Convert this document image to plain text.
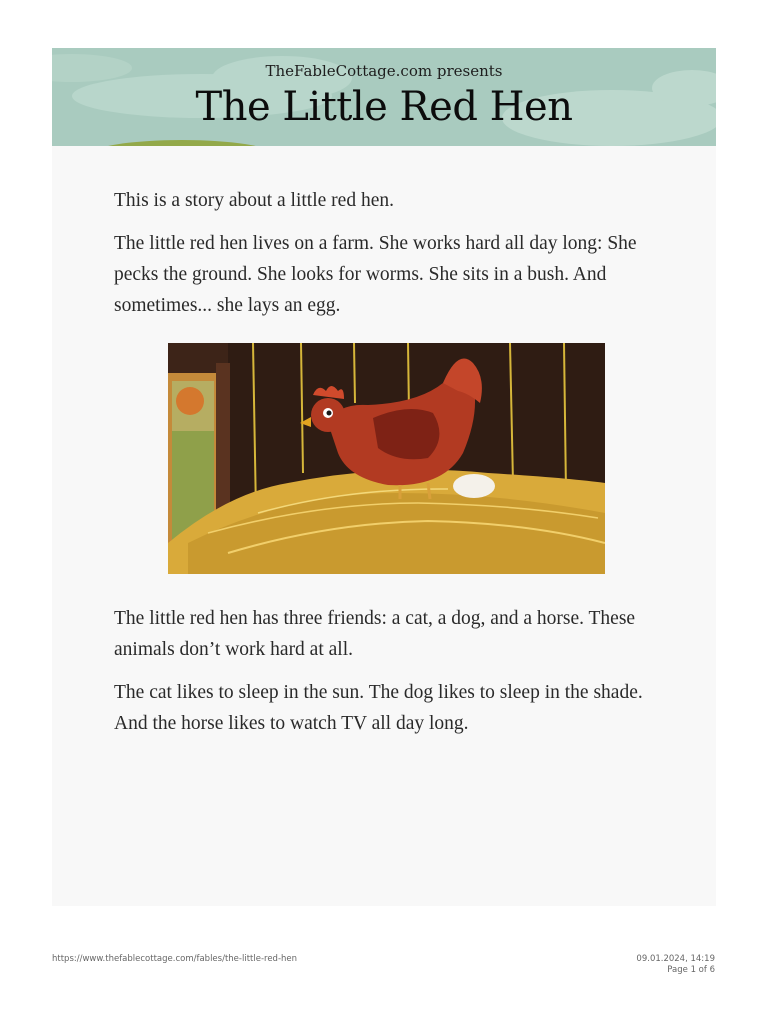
TheFableCottage.com presents
The Little Red Hen

This is a story about a little red hen.

The little red hen lives on a farm. She works hard all day long: She pecks the ground. She looks for worms. She sits in a bush. And sometimes... she lays an egg.

The little red hen has three friends: a cat, a dog, and a horse. These animals don’t work hard at all.

The cat likes to sleep in the sun. The dog likes to sleep in the shade. And the horse likes to watch TV all day long.

https://www.thefablecottage.com/fables/the-little-red-hen	09.01.2024, 14:19
Page 1 of 6
